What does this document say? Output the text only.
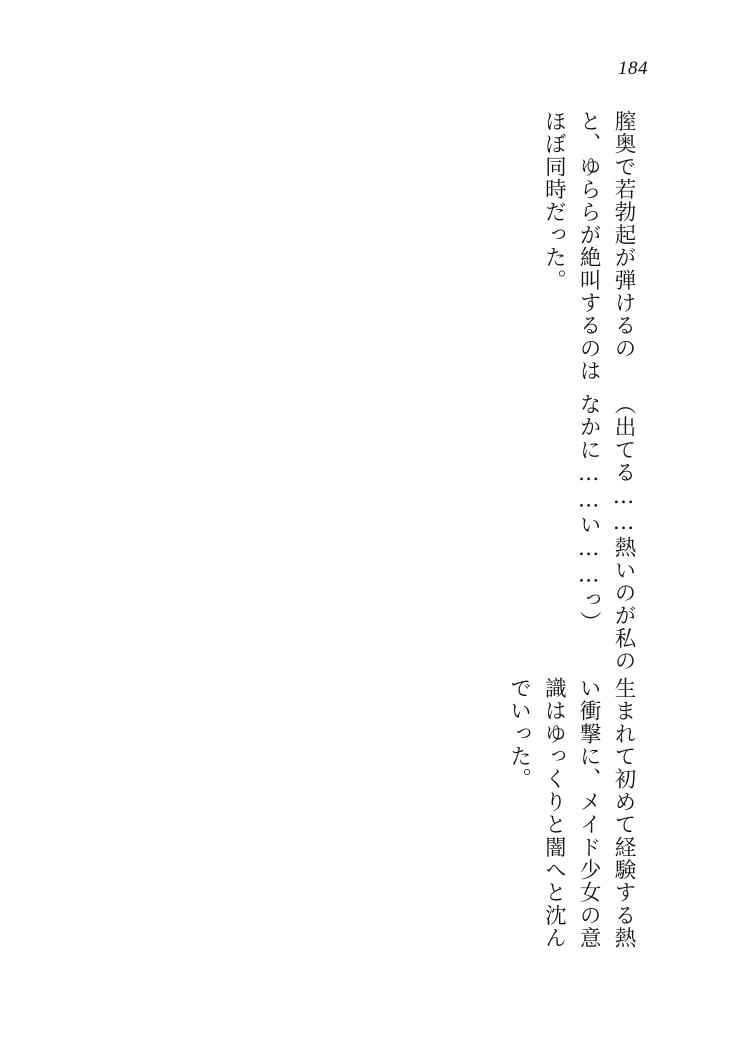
184

膣奥で若勃起が弾けるのと、ゆららが絶叫するのはほぼ同時だった。

（出てる……熱いのが私のなかに……い……っ）

生まれて初めて経験する熱い衝撃に、メイド少女の意識はゆっくりと闇へと沈んでいった。
